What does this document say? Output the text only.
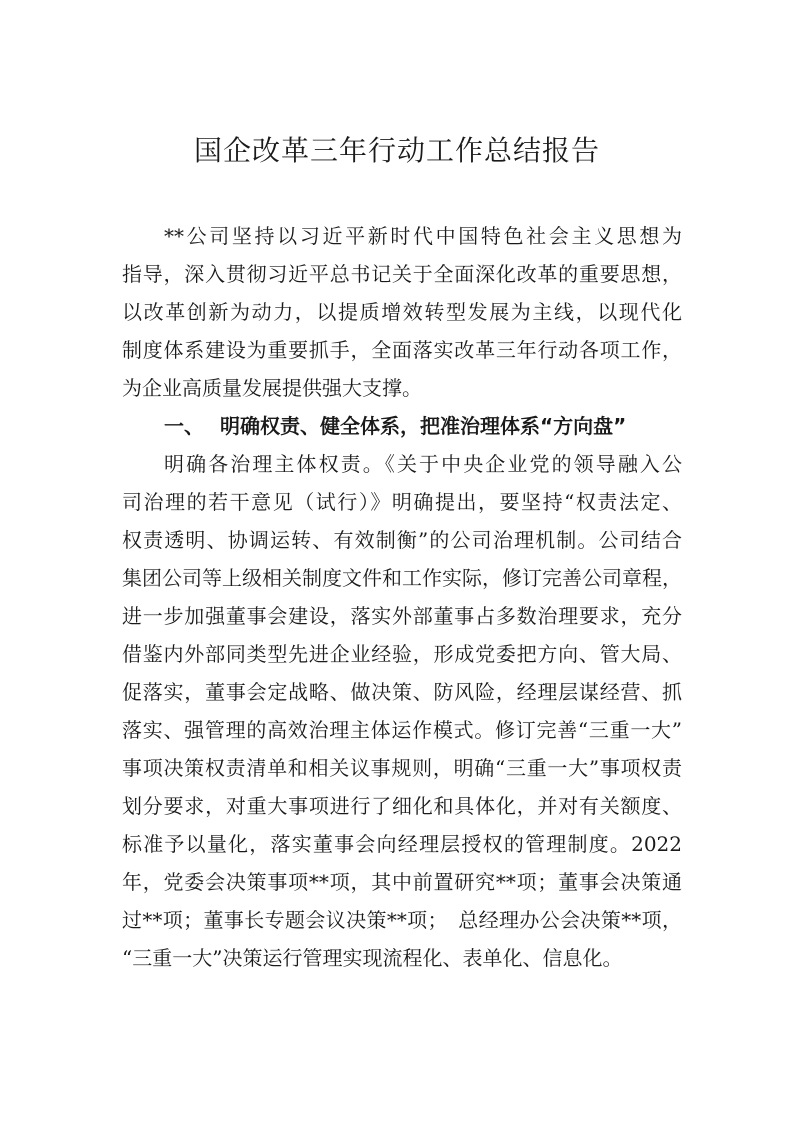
国企改革三年行动工作总结报告
**公司坚持以习近平新时代中国特色社会主义思想为
指导，深入贯彻习近平总书记关于全面深化改革的重要思想，
以改革创新为动力，以提质增效转型发展为主线，以现代化
制度体系建设为重要抓手，全面落实改革三年行动各项工作，
为企业高质量发展提供强大支撑。
一、 明确权责、健全体系，把准治理体系“方向盘”
明确各治理主体权责。《关于中央企业党的领导融入公
司治理的若干意见（试行）》明确提出，要坚持“权责法定、
权责透明、协调运转、有效制衡”的公司治理机制。公司结合
集团公司等上级相关制度文件和工作实际，修订完善公司章程，
进一步加强董事会建设，落实外部董事占多数治理要求，充分
借鉴内外部同类型先进企业经验，形成党委把方向、管大局、
促落实，董事会定战略、做决策、防风险，经理层谋经营、抓
落实、强管理的高效治理主体运作模式。修订完善“三重一大”
事项决策权责清单和相关议事规则，明确“三重一大”事项权责
划分要求，对重大事项进行了细化和具体化，并对有关额度、
标准予以量化，落实董事会向经理层授权的管理制度。2022
年，党委会决策事项**项，其中前置研究**项；董事会决策通
过**项；董事长专题会议决策**项；　总经理办公会决策**项，
“三重一大”决策运行管理实现流程化、表单化、信息化。
